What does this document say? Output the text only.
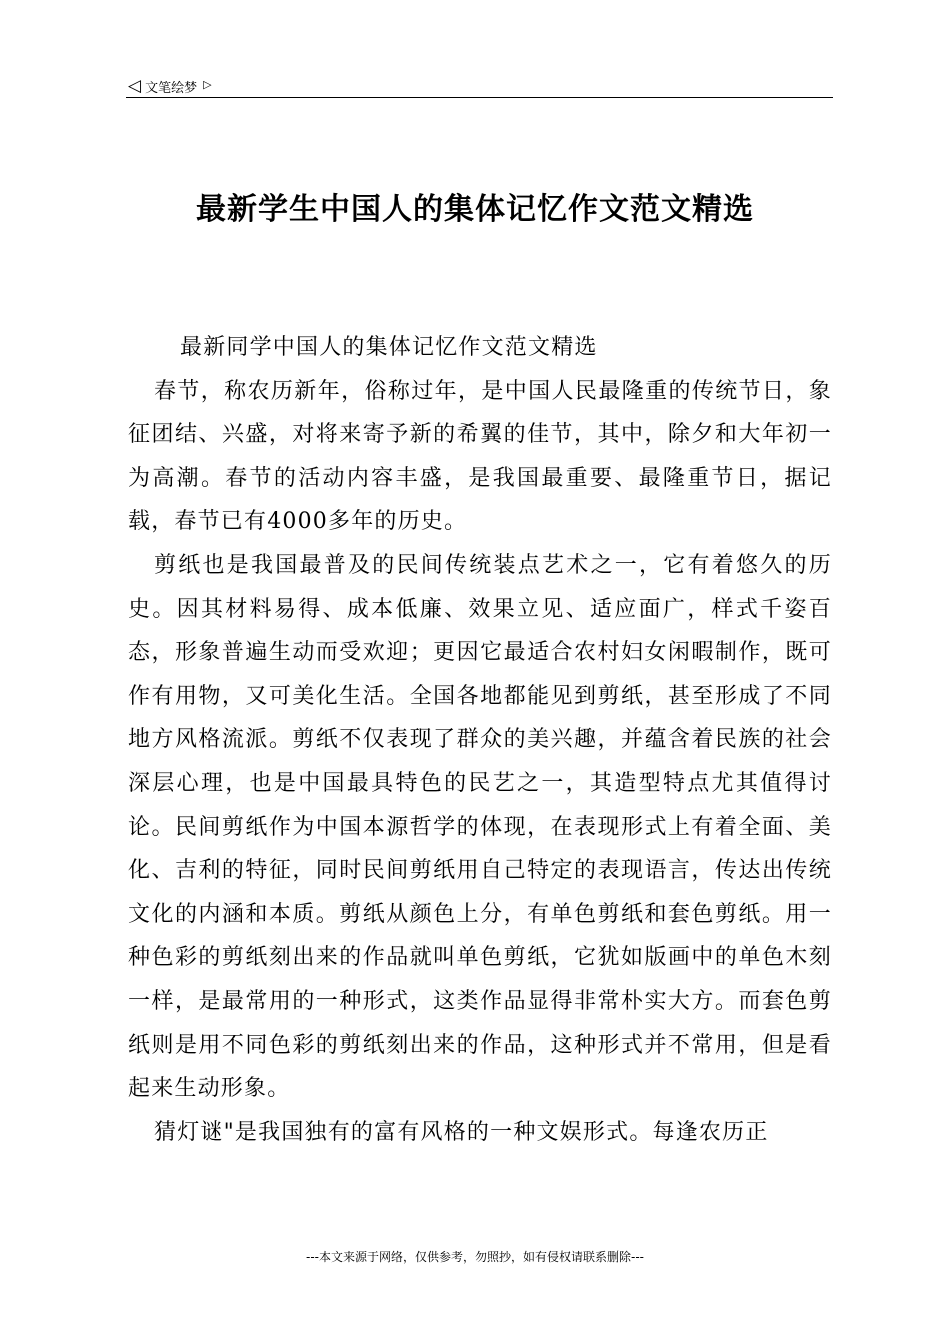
◁ 文笔绘梦 ▷
最新学生中国人的集体记忆作文范文精选

最新同学中国人的集体记忆作文范文精选

春节，称农历新年，俗称过年，是中国人民最隆重的传统节日，象征团结、兴盛，对将来寄予新的希翼的佳节，其中，除夕和大年初一为高潮。春节的活动内容丰盛，是我国最重要、最隆重节日，据记载，春节已有4000多年的历史。

剪纸也是我国最普及的民间传统装点艺术之一，它有着悠久的历史。因其材料易得、成本低廉、效果立见、适应面广，样式千姿百态，形象普遍生动而受欢迎；更因它最适合农村妇女闲暇制作，既可作有用物，又可美化生活。全国各地都能见到剪纸，甚至形成了不同地方风格流派。剪纸不仅表现了群众的美兴趣，并蕴含着民族的社会深层心理，也是中国最具特色的民艺之一，其造型特点尤其值得讨论。民间剪纸作为中国本源哲学的体现，在表现形式上有着全面、美化、吉利的特征，同时民间剪纸用自己特定的表现语言，传达出传统文化的内涵和本质。剪纸从颜色上分，有单色剪纸和套色剪纸。用一种色彩的剪纸刻出来的作品就叫单色剪纸，它犹如版画中的单色木刻一样，是最常用的一种形式，这类作品显得非常朴实大方。而套色剪纸则是用不同色彩的剪纸刻出来的作品，这种形式并不常用，但是看起来生动形象。

猜灯谜"是我国独有的富有风格的一种文娱形式。每逢农历正

---本文来源于网络，仅供参考，勿照抄，如有侵权请联系删除---
